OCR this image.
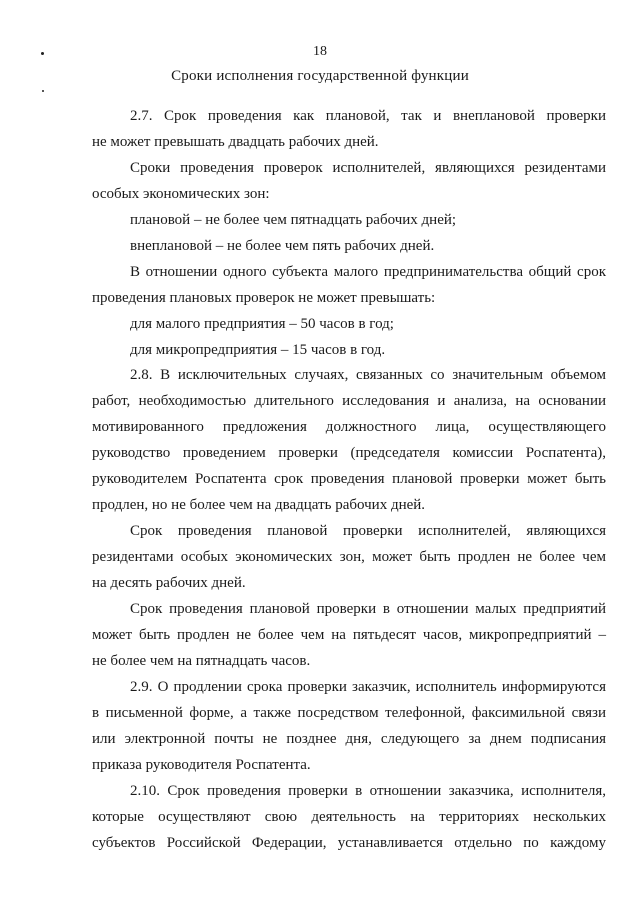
18
Сроки исполнения государственной функции
2.7. Срок проведения как плановой, так и внеплановой проверки
не может превышать двадцать рабочих дней.
Сроки проведения проверок исполнителей, являющихся резидентами
особых экономических зон:
плановой – не более чем пятнадцать рабочих дней;
внеплановой – не более чем пять рабочих дней.
В отношении одного субъекта малого предпринимательства общий срок
проведения плановых проверок не может превышать:
для малого предприятия – 50 часов в год;
для микропредприятия – 15 часов в год.
2.8. В исключительных случаях, связанных со значительным объемом
работ, необходимостью длительного исследования и анализа, на основании
мотивированного предложения должностного лица, осуществляющего
руководство проведением проверки (председателя комиссии Роспатента),
руководителем Роспатента срок проведения плановой проверки может быть
продлен, но не более чем на двадцать рабочих дней.
Срок проведения плановой проверки исполнителей, являющихся
резидентами особых экономических зон, может быть продлен не более чем
на десять рабочих дней.
Срок проведения плановой проверки в отношении малых предприятий
может быть продлен не более чем на пятьдесят часов, микропредприятий –
не более чем на пятнадцать часов.
2.9. О продлении срока проверки заказчик, исполнитель информируются
в письменной форме, а также посредством телефонной, факсимильной связи
или электронной почты не позднее дня, следующего за днем подписания
приказа руководителя Роспатента.
2.10. Срок проведения проверки в отношении заказчика, исполнителя,
которые осуществляют свою деятельность на территориях нескольких
субъектов Российской Федерации, устанавливается отдельно по каждому
